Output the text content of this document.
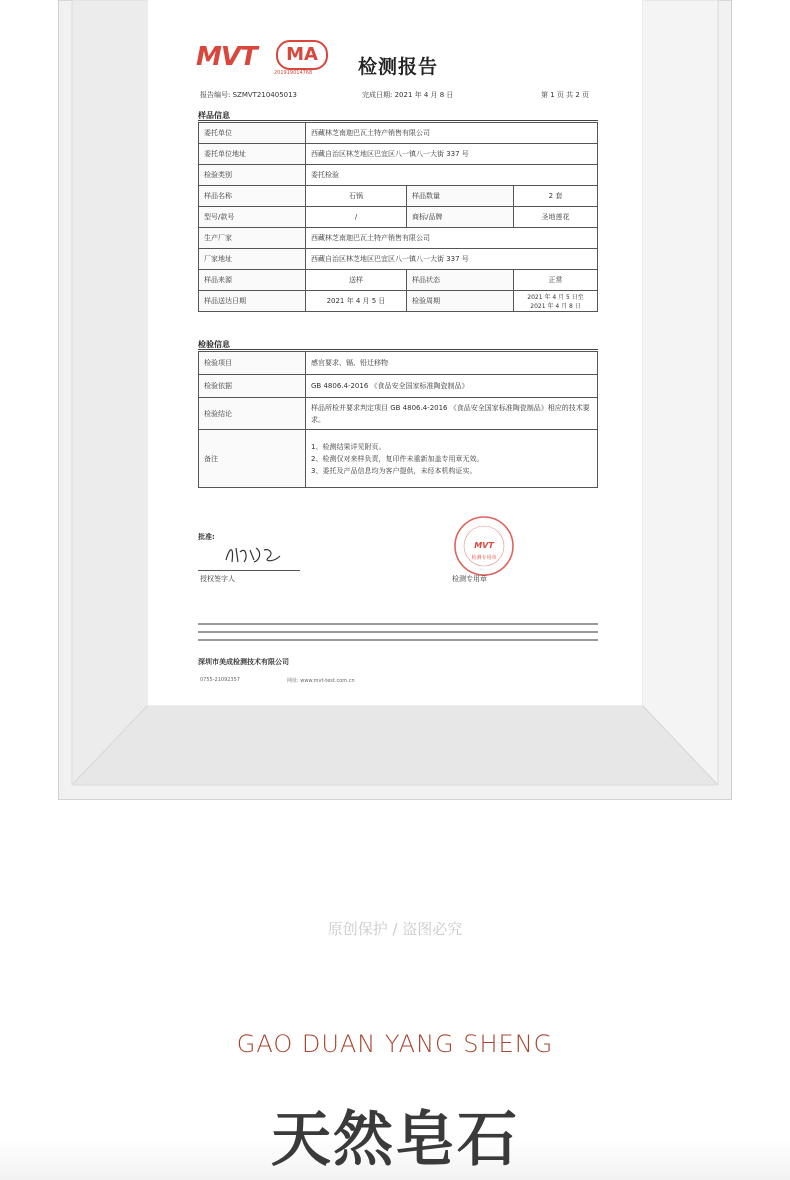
MVT	MA
201919014768 检测报告
报告编号: SZMVT210405013	完成日期: 2021 年 4 月 8 日	第 1 页 共 2 页
样品信息
委托单位	西藏林芝南迦巴瓦土特产销售有限公司		
委托单位地址	西藏自治区林芝地区巴宜区八一镇八一大街 337 号		
检验类别	委托检验		
样品名称	石锅	样品数量	2 套
型号/款号	/	商标/品牌	圣地莲花
生产厂家	西藏林芝南迦巴瓦土特产销售有限公司		
厂家地址	西藏自治区林芝地区巴宜区八一镇八一大街 337 号		
样品来源	送样	样品状态	正常
样品送达日期	2021 年 4 月 5 日	检验周期	2021 年 4 月 5 日至 2021 年 4 月 8 日
检验信息
检验项目	感官要求、镉、铅迁移物
检验依据	GB 4806.4-2016 《食品安全国家标准陶瓷制品》
检验结论	样品所检并要求判定项目 GB 4806.4-2016 《食品安全国家标准陶瓷制品》相应的技术要求。
备注	1、检测结果详见附页。
2、检测仅对来样负责，复印件未重新加盖专用章无效。
3、委托及产品信息均为客户提供，未经本机构证实。
批准:
授权签字人
MVT
检测专用章
检测专用章
深圳市美成检测技术有限公司
0755-21092357	网址: www.mvt-test.com.cn
原创保护 / 盗图必究
GAO DUAN YANG SHENG
天然皂石
